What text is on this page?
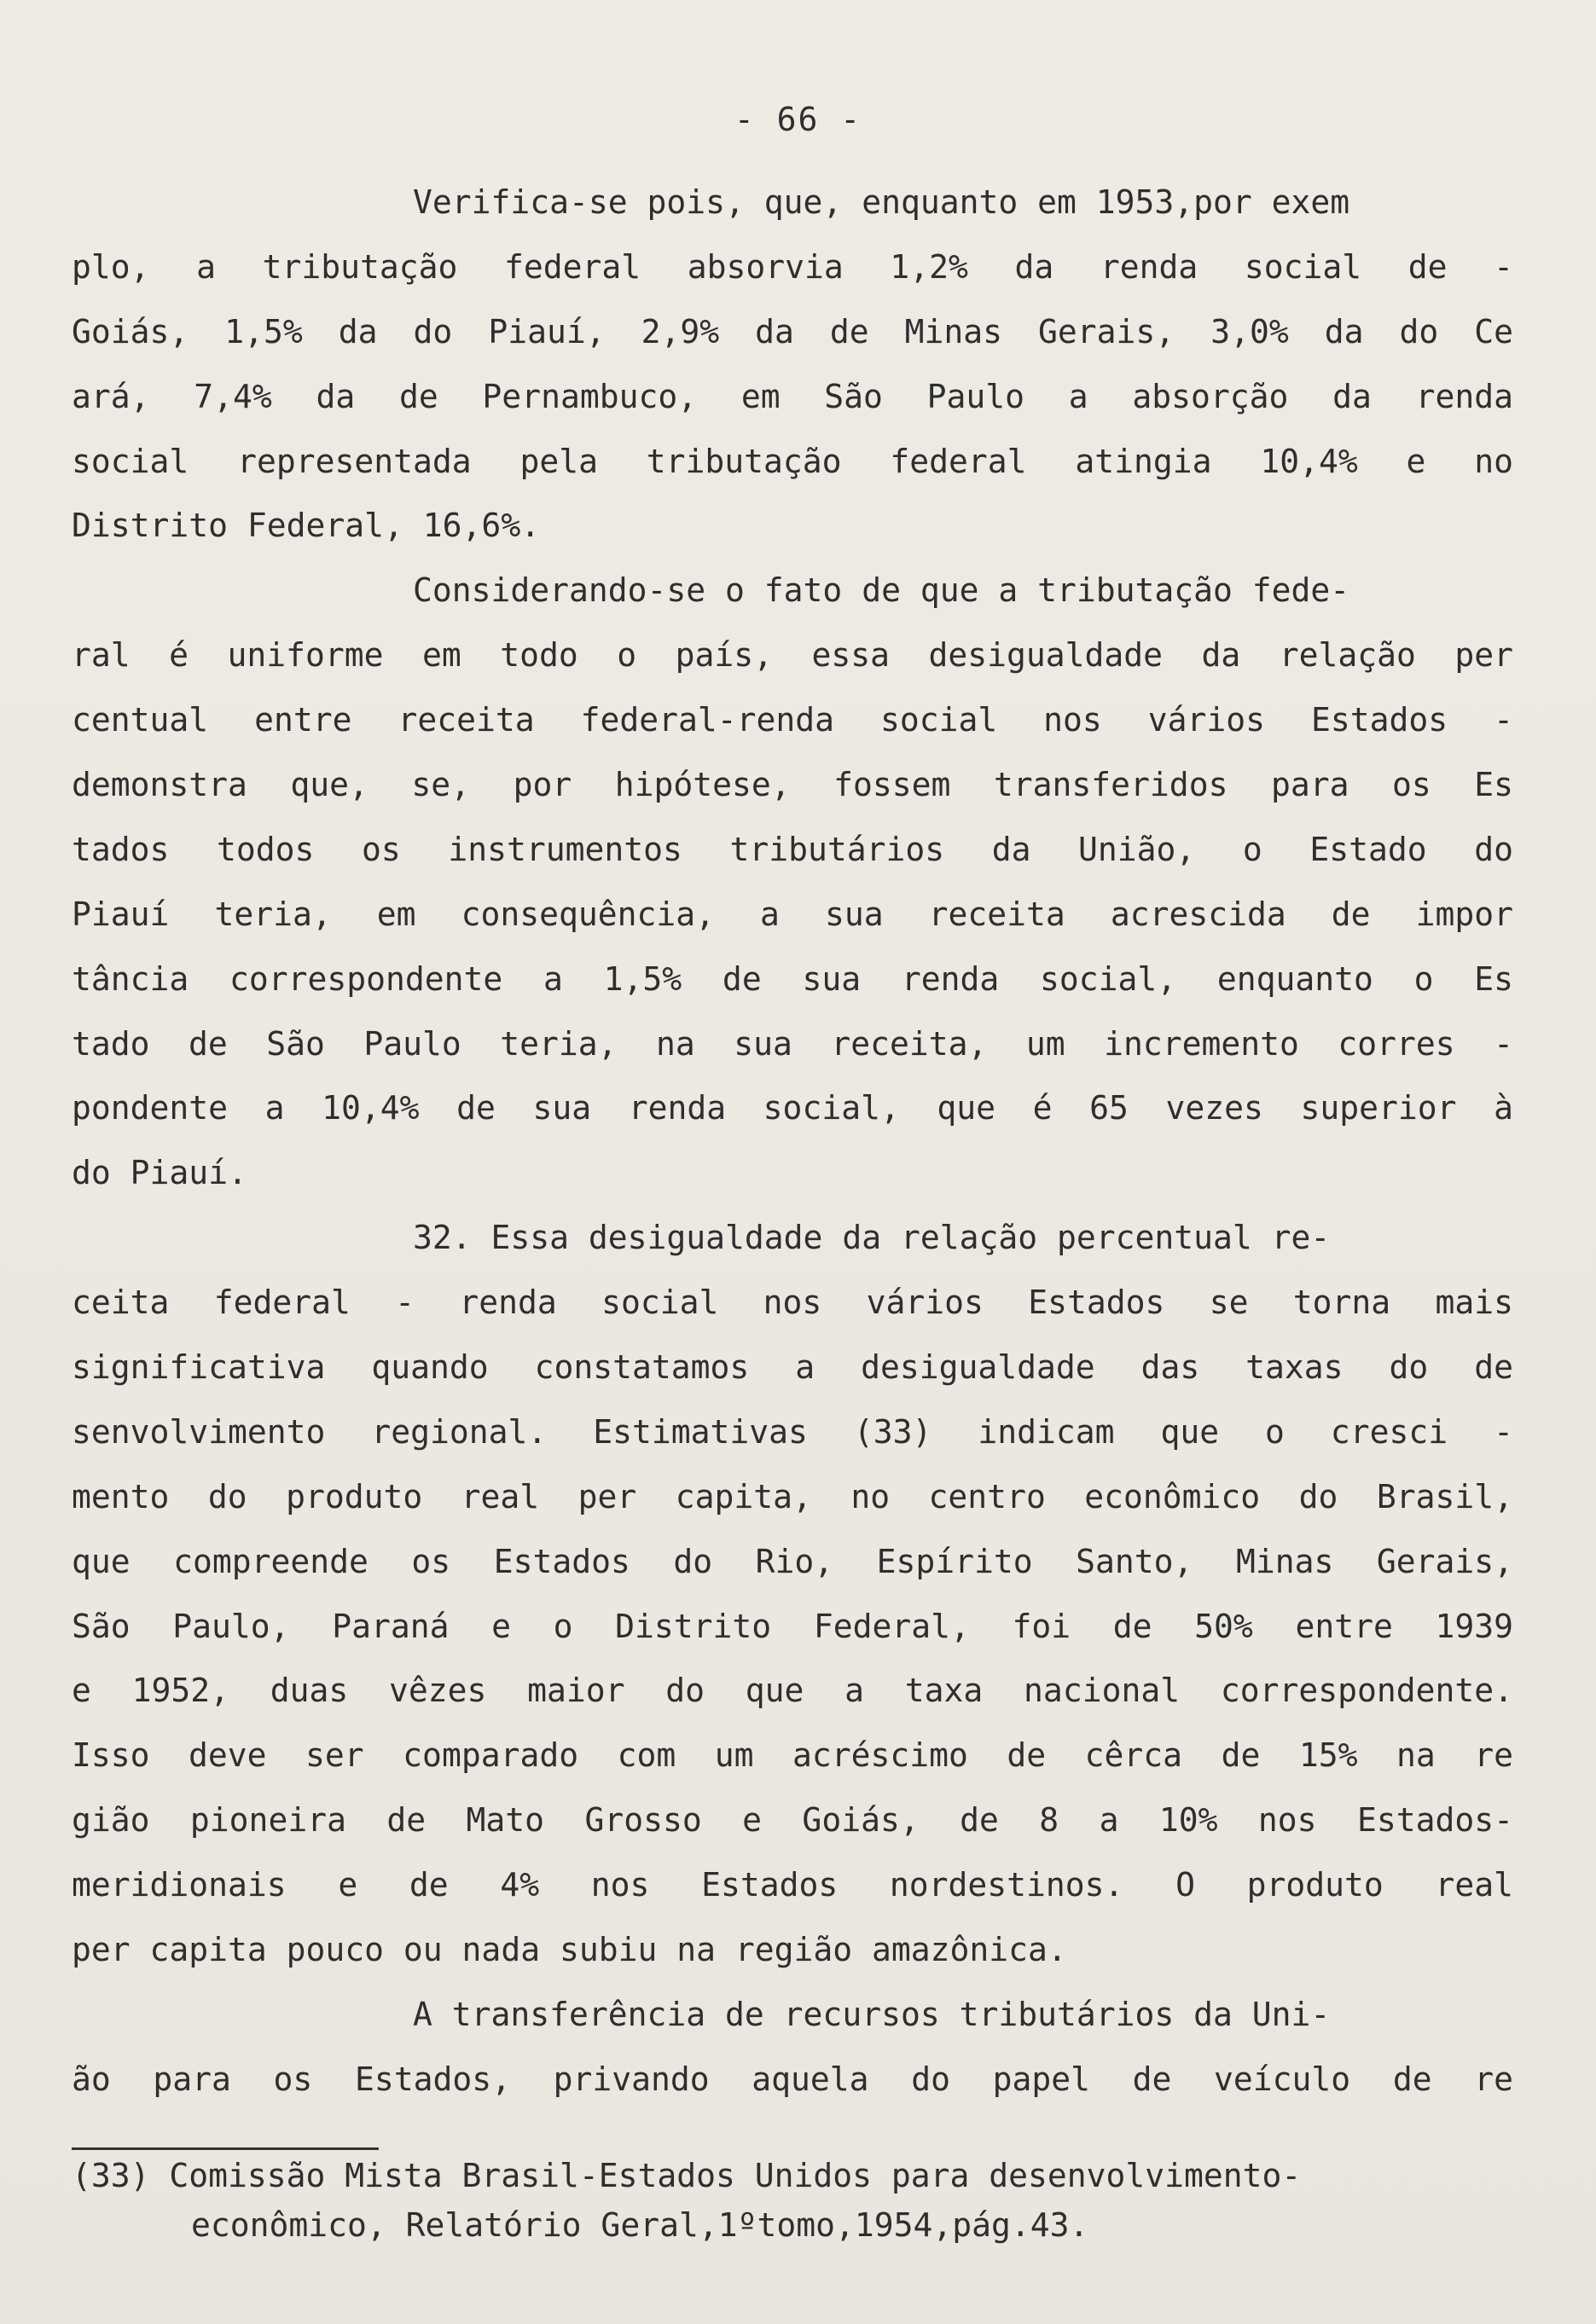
- 66 -

Verifica-se pois, que, enquanto em 1953,por exem
plo, a tributação federal absorvia 1,2% da renda social de -
Goiás, 1,5% da do Piauí, 2,9% da de Minas Gerais, 3,0% da do Ce
ará, 7,4% da de Pernambuco, em São Paulo a absorção da renda
social representada pela tributação federal atingia 10,4% e no
Distrito Federal, 16,6%.

Considerando-se o fato de que a tributação fede-
ral é uniforme em todo o país, essa desigualdade da relação per
centual entre receita federal-renda social nos vários Estados -
demonstra que, se, por hipótese, fossem transferidos para os Es
tados todos os instrumentos tributários da União, o Estado do
Piauí teria, em consequência, a sua receita acrescida de impor
tância correspondente a 1,5% de sua renda social, enquanto o Es
tado de São Paulo teria, na sua receita, um incremento corres -
pondente a 10,4% de sua renda social, que é 65 vezes superior à
do Piauí.

32. Essa desigualdade da relação percentual re-
ceita federal - renda social nos vários Estados se torna mais
significativa quando constatamos a desigualdade das taxas do de
senvolvimento regional. Estimativas (33) indicam que o cresci -
mento do produto real per capita, no centro econômico do Brasil,
que compreende os Estados do Rio, Espírito Santo, Minas Gerais,
São Paulo, Paraná e o Distrito Federal, foi de 50% entre 1939
e 1952, duas vêzes maior do que a taxa nacional correspondente.
Isso deve ser comparado com um acréscimo de cêrca de 15% na re
gião pioneira de Mato Grosso e Goiás, de 8 a 10% nos Estados-
meridionais e de 4% nos Estados nordestinos. O produto real
per capita pouco ou nada subiu na região amazônica.

A transferência de recursos tributários da Uni-
ão para os Estados, privando aquela do papel de veículo de re

(33) Comissão Mista Brasil-Estados Unidos para desenvolvimento-
econômico, Relatório Geral,1ºtomo,1954,pág.43.
